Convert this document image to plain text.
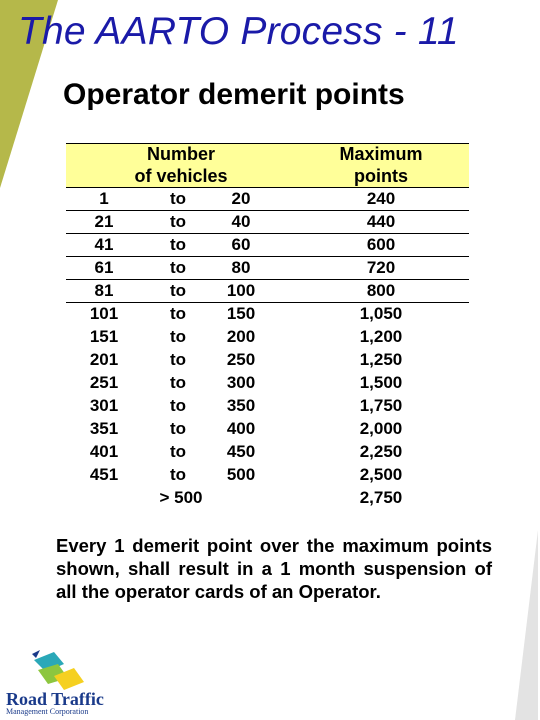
The AARTO Process - 11
Operator demerit points
Number
of vehicles
Maximum
points
1	to	20	240
21	to	40	440
41	to	60	600
61	to	80	720
81	to	100	800
101	to	150	1,050
151	to	200	1,200
201	to	250	1,250
251	to	300	1,500
301	to	350	1,750
351	to	400	2,000
401	to	450	2,250
451	to	500	2,500
> 500	2,750
Every 1 demerit point over the maximum points shown, shall result in a 1 month suspension of all the operator cards of an Operator.
Road Traffic
Management Corporation
